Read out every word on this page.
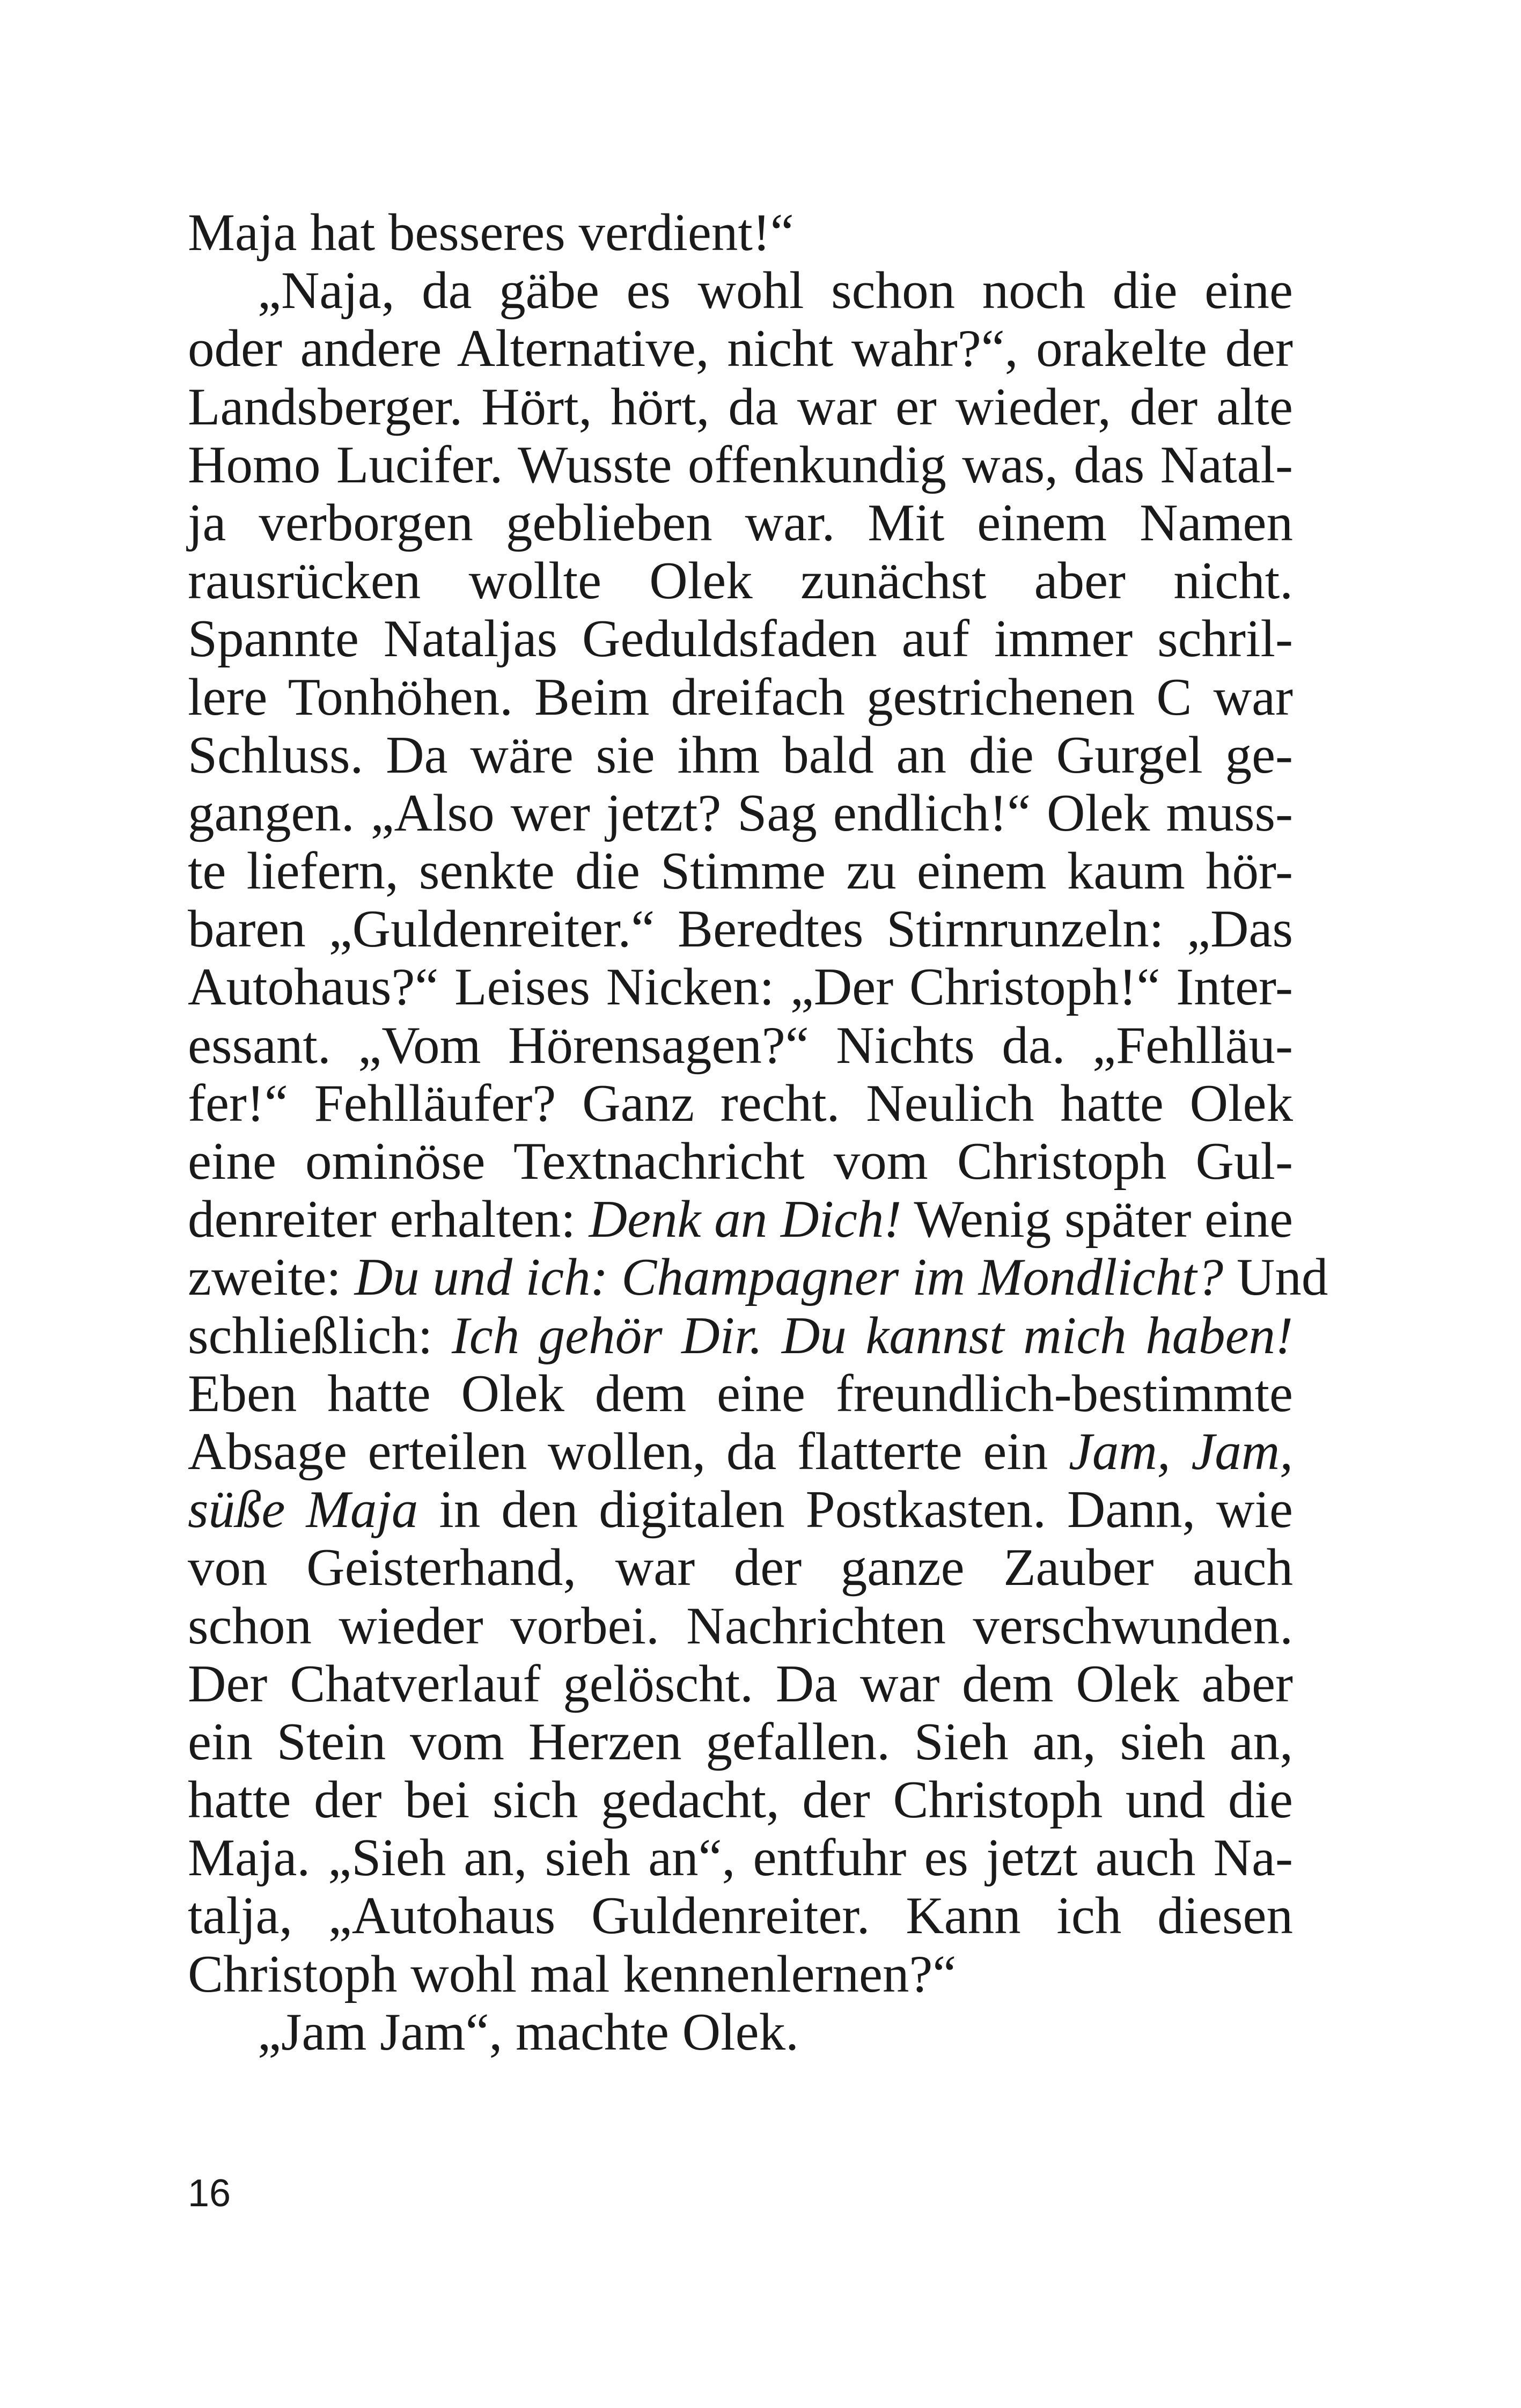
Maja hat besseres verdient!“
„Naja, da gäbe es wohl schon noch die eine
oder andere Alternative, nicht wahr?“, orakelte der
Landsberger. Hört, hört, da war er wieder, der alte
Homo Lucifer. Wusste offenkundig was, das Natal-
ja verborgen geblieben war. Mit einem Namen
rausrücken wollte Olek zunächst aber nicht.
Spannte Nataljas Geduldsfaden auf immer schril-
lere Tonhöhen. Beim dreifach gestrichenen C war
Schluss. Da wäre sie ihm bald an die Gurgel ge-
gangen. „Also wer jetzt? Sag endlich!“ Olek muss-
te liefern, senkte die Stimme zu einem kaum hör-
baren „Guldenreiter.“ Beredtes Stirnrunzeln: „Das
Autohaus?“ Leises Nicken: „Der Christoph!“ Inter-
essant. „Vom Hörensagen?“ Nichts da. „Fehlläu-
fer!“ Fehlläufer? Ganz recht. Neulich hatte Olek
eine ominöse Textnachricht vom Christoph Gul-
denreiter erhalten: Denk an Dich! Wenig später eine
zweite: Du und ich: Champagner im Mondlicht? Und
schließlich: Ich gehör Dir. Du kannst mich haben!
Eben hatte Olek dem eine freundlich-bestimmte
Absage erteilen wollen, da flatterte ein Jam, Jam,
süße Maja in den digitalen Postkasten. Dann, wie
von Geisterhand, war der ganze Zauber auch
schon wieder vorbei. Nachrichten verschwunden.
Der Chatverlauf gelöscht. Da war dem Olek aber
ein Stein vom Herzen gefallen. Sieh an, sieh an,
hatte der bei sich gedacht, der Christoph und die
Maja. „Sieh an, sieh an“, entfuhr es jetzt auch Na-
talja, „Autohaus Guldenreiter. Kann ich diesen
Christoph wohl mal kennenlernen?“
„Jam Jam“, machte Olek.
16
